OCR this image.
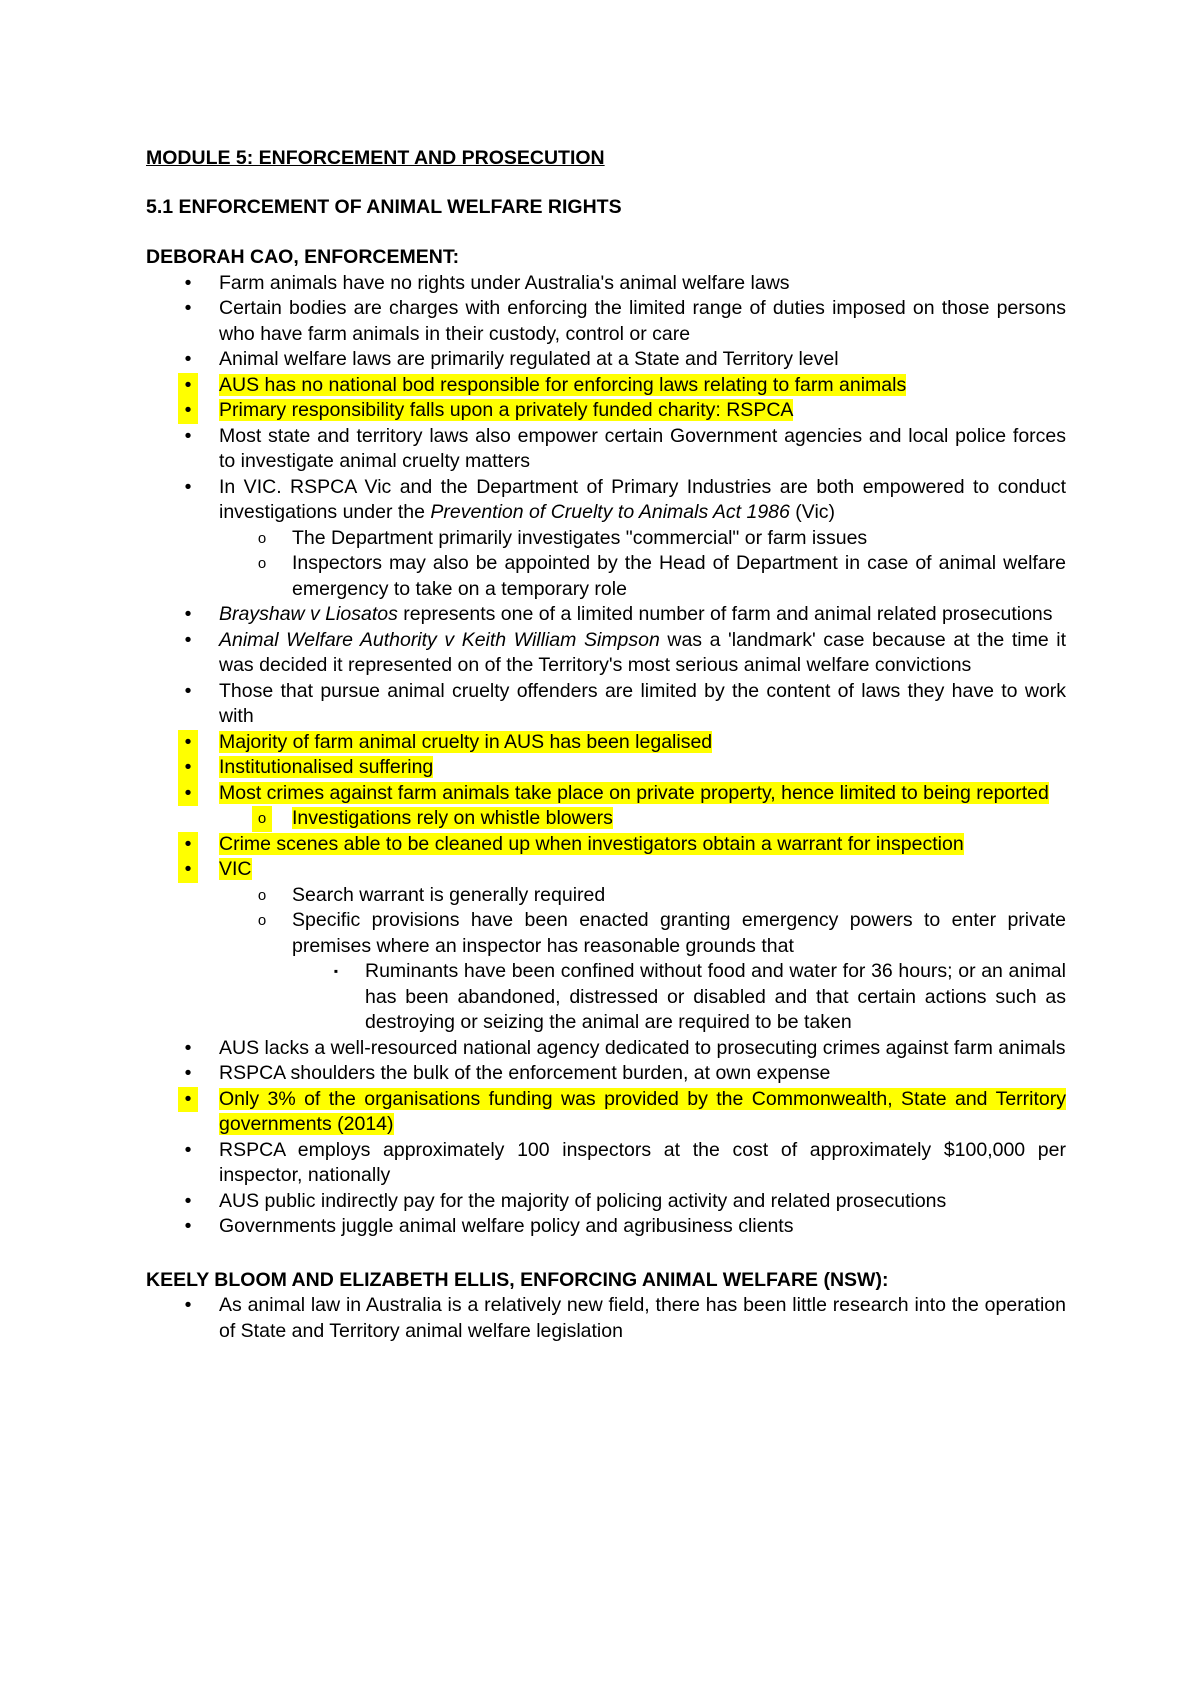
MODULE 5: ENFORCEMENT AND PROSECUTION
5.1 ENFORCEMENT OF ANIMAL WELFARE RIGHTS
DEBORAH CAO, ENFORCEMENT:
•	Farm animals have no rights under Australia's animal welfare laws
•	Certain bodies are charges with enforcing the limited range of duties imposed on those persons who have farm animals in their custody, control or care
•	Animal welfare laws are primarily regulated at a State and Territory level
•	AUS has no national bod responsible for enforcing laws relating to farm animals
•	Primary responsibility falls upon a privately funded charity: RSPCA
•	Most state and territory laws also empower certain Government agencies and local police forces to investigate animal cruelty matters
•	In VIC. RSPCA Vic and the Department of Primary Industries are both empowered to conduct investigations under the Prevention of Cruelty to Animals Act 1986 (Vic)
o The Department primarily investigates "commercial" or farm issues
o Inspectors may also be appointed by the Head of Department in case of animal welfare emergency to take on a temporary role
•	Brayshaw v Liosatos represents one of a limited number of farm and animal related prosecutions
•	Animal Welfare Authority v Keith William Simpson was a 'landmark' case because at the time it was decided it represented on of the Territory's most serious animal welfare convictions
•	Those that pursue animal cruelty offenders are limited by the content of laws they have to work with
•	Majority of farm animal cruelty in AUS has been legalised
•	Institutionalised suffering
•	Most crimes against farm animals take place on private property, hence limited to being reported
o Investigations rely on whistle blowers
•	Crime scenes able to be cleaned up when investigators obtain a warrant for inspection
•	VIC
o Search warrant is generally required
o Specific provisions have been enacted granting emergency powers to enter private premises where an inspector has reasonable grounds that
▪	Ruminants have been confined without food and water for 36 hours; or an animal has been abandoned, distressed or disabled and that certain actions such as destroying or seizing the animal are required to be taken
•	AUS lacks a well-resourced national agency dedicated to prosecuting crimes against farm animals
•	RSPCA shoulders the bulk of the enforcement burden, at own expense
•	Only 3% of the organisations funding was provided by the Commonwealth, State and Territory governments (2014)
•	RSPCA employs approximately 100 inspectors at the cost of approximately $100,000 per inspector, nationally
•	AUS public indirectly pay for the majority of policing activity and related prosecutions
•	Governments juggle animal welfare policy and agribusiness clients
KEELY BLOOM AND ELIZABETH ELLIS, ENFORCING ANIMAL WELFARE (NSW):
•	As animal law in Australia is a relatively new field, there has been little research into the operation of State and Territory animal welfare legislation
